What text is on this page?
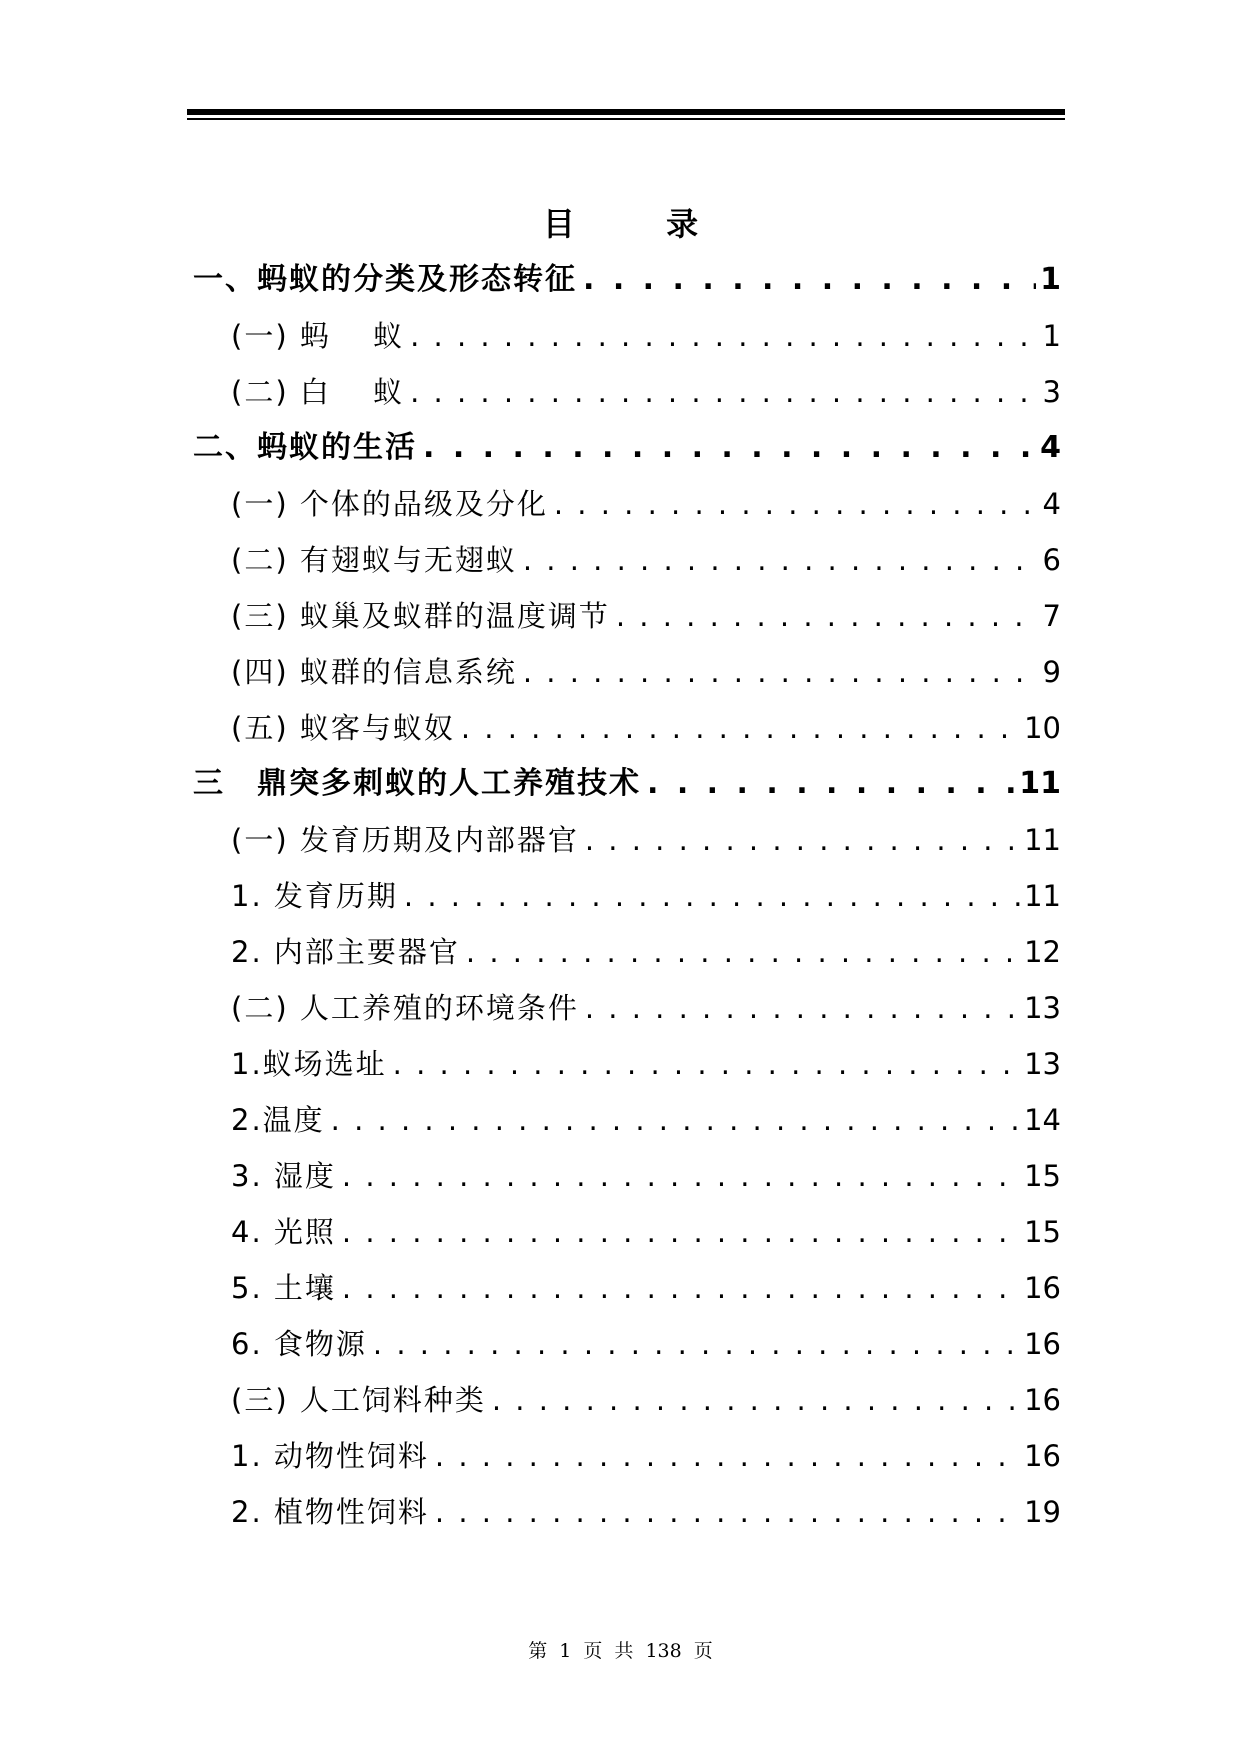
目 录
一、蚂蚁的分类及形态转征 . . .	1
(一) 蚂　 蚁 . . .	1
(二) 白　 蚁 . . .	3
二、蚂蚁的生活 . . .	4
(一) 个体的品级及分化 . . .	4
(二) 有翅蚁与无翅蚁 . . .	6
(三) 蚁巢及蚁群的温度调节 . . .	7
(四) 蚁群的信息系统 . . .	9
(五) 蚁客与蚁奴 . . .	10
三　鼎突多刺蚁的人工养殖技术 . . .	11
(一) 发育历期及内部器官 . . .	11
1. 发育历期 . . .	11
2. 内部主要器官 . . .	12
(二) 人工养殖的环境条件 . . .	13
1.蚁场选址 . . .	13
2.温度 . . .	14
3. 湿度 . . .	15
4. 光照 . . .	15
5. 土壤 . . .	16
6. 食物源 . . .	16
(三) 人工饲料种类 . . .	16
1. 动物性饲料 . . .	16
2. 植物性饲料 . . .	19
第 1 页 共 138 页
